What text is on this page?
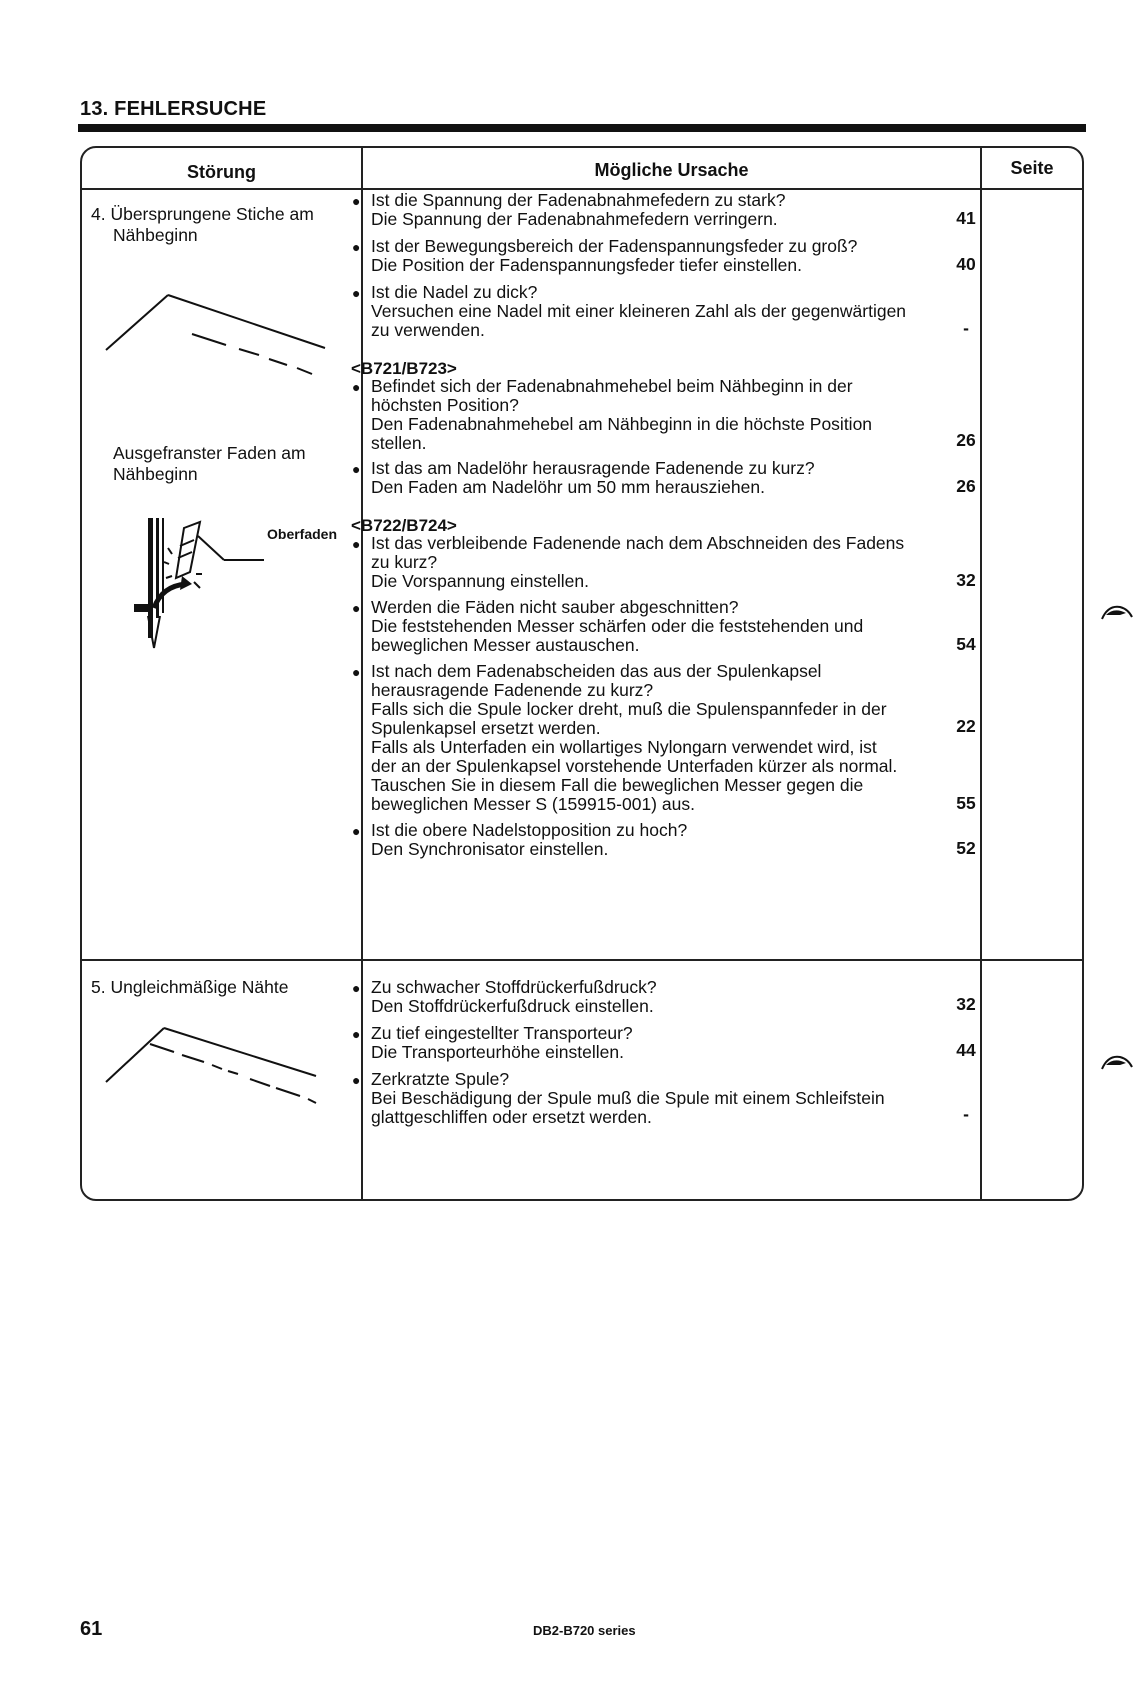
13. FEHLERSUCHE
Störung	Mögliche Ursache	Seite
4. Übersprungene Stiche am
Nähbeginn
Ausgefranster Faden am
Nähbeginn
Oberfaden
● Ist die Spannung der Fadenabnahmefedern zu stark?
Die Spannung der Fadenabnahmefedern verringern.	41
● Ist der Bewegungsbereich der Fadenspannungsfeder zu groß?
Die Position der Fadenspannungsfeder tiefer einstellen.	40
● Ist die Nadel zu dick?
Versuchen eine Nadel mit einer kleineren Zahl als der gegenwärtigen
zu verwenden.	-
<B721/B723>
● Befindet sich der Fadenabnahmehebel beim Nähbeginn in der
höchsten Position?
Den Fadenabnahmehebel am Nähbeginn in die höchste Position
stellen.	26
● Ist das am Nadelöhr herausragende Fadenende zu kurz?
Den Faden am Nadelöhr um 50 mm herausziehen.	26
<B722/B724>
● Ist das verbleibende Fadenende nach dem Abschneiden des Fadens
zu kurz?
Die Vorspannung einstellen.	32
● Werden die Fäden nicht sauber abgeschnitten?
Die feststehenden Messer schärfen oder die feststehenden und
beweglichen Messer austauschen.	54
● Ist nach dem Fadenabscheiden das aus der Spulenkapsel
herausragende Fadenende zu kurz?
Falls sich die Spule locker dreht, muß die Spulenspannfeder in der
Spulenkapsel ersetzt werden.	22
Falls als Unterfaden ein wollartiges Nylongarn verwendet wird, ist
der an der Spulenkapsel vorstehende Unterfaden kürzer als normal.
Tauschen Sie in diesem Fall die beweglichen Messer gegen die
beweglichen Messer S (159915-001) aus.	55
● Ist die obere Nadelstopposition zu hoch?
Den Synchronisator einstellen.	52
5. Ungleichmäßige Nähte	● Zu schwacher Stoffdrückerfußdruck?
Den Stoffdrückerfußdruck einstellen.	32
● Zu tief eingestellter Transporteur?
Die Transporteurhöhe einstellen.	44
● Zerkratzte Spule?
Bei Beschädigung der Spule muß die Spule mit einem Schleifstein
glattgeschliffen oder ersetzt werden.	-
61	DB2-B720 series
